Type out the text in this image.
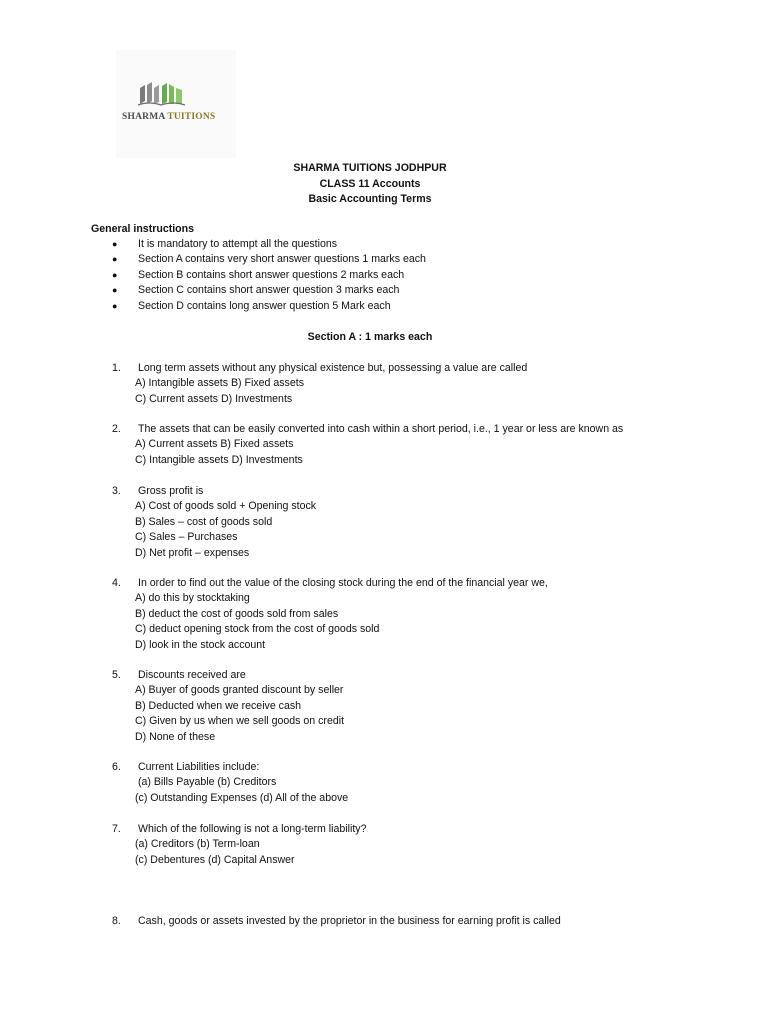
SHARMA TUITIONS
SHARMA TUITIONS JODHPUR
CLASS 11 Accounts
Basic Accounting Terms
General instructions
● It is mandatory to attempt all the questions
● Section A contains very short answer questions 1 marks each
● Section B contains short answer questions 2 marks each
● Section C contains short answer question 3 marks each
● Section D contains long answer question 5 Mark each
Section A : 1 marks each
1. Long term assets without any physical existence but, possessing a value are called
A) Intangible assets B) Fixed assets
C) Current assets D) Investments
2. The assets that can be easily converted into cash within a short period, i.e., 1 year or less are known as
A) Current assets B) Fixed assets
C) Intangible assets D) Investments
3. Gross profit is
A) Cost of goods sold + Opening stock
B) Sales – cost of goods sold
C) Sales – Purchases
D) Net profit – expenses
4. In order to find out the value of the closing stock during the end of the financial year we,
A) do this by stocktaking
B) deduct the cost of goods sold from sales
C) deduct opening stock from the cost of goods sold
D) look in the stock account
5. Discounts received are
A) Buyer of goods granted discount by seller
B) Deducted when we receive cash
C) Given by us when we sell goods on credit
D) None of these
6. Current Liabilities include:
(a) Bills Payable (b) Creditors
(c) Outstanding Expenses (d) All of the above
7. Which of the following is not a long-term liability?
(a) Creditors (b) Term-loan
(c) Debentures (d) Capital Answer
8. Cash, goods or assets invested by the proprietor in the business for earning profit is called
